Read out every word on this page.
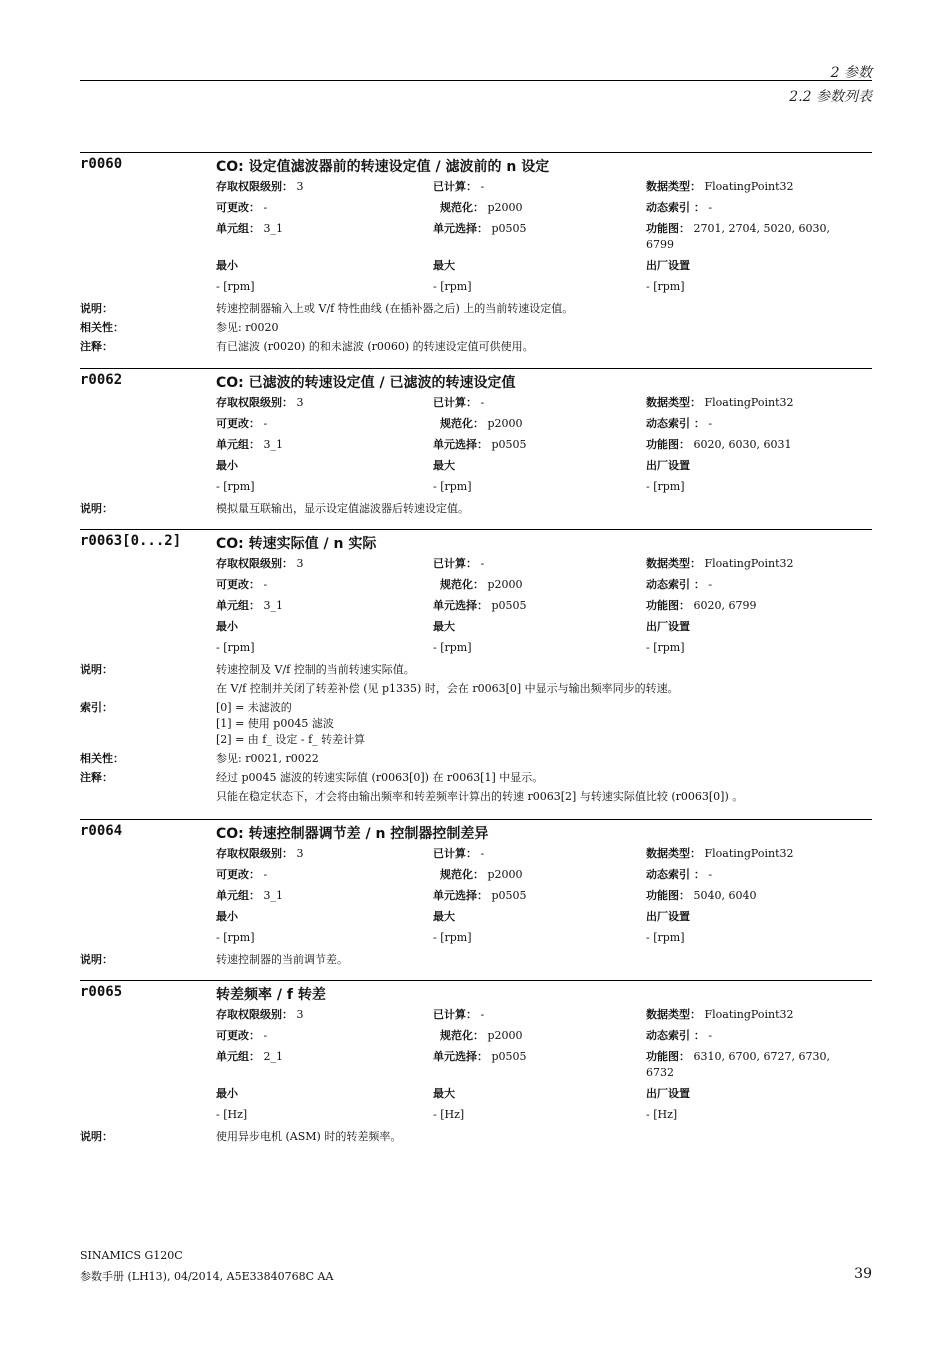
2 参数
2.2 参数列表
r0060	CO: 设定值滤波器前的转速设定值 / 滤波前的 n 设定
存取权限级别： 3	已计算： -	数据类型： FloatingPoint32
可更改： -	规范化： p2000	动态索引 ： -
单元组： 3_1	单元选择： p0505	功能图： 2701, 2704, 5020, 6030, 6799
最小	最大	出厂设置
- [rpm]	- [rpm]	- [rpm]
说明：	转速控制器输入上或 V/f 特性曲线 (在插补器之后) 上的当前转速设定值。
相关性：	参见: r0020
注释：	有已滤波 (r0020) 的和未滤波 (r0060) 的转速设定值可供使用。
r0062	CO: 已滤波的转速设定值 / 已滤波的转速设定值
存取权限级别： 3	已计算： -	数据类型： FloatingPoint32
可更改： -	规范化： p2000	动态索引 ： -
单元组： 3_1	单元选择： p0505	功能图： 6020, 6030, 6031
最小	最大	出厂设置
- [rpm]	- [rpm]	- [rpm]
说明：	模拟量互联输出，显示设定值滤波器后转速设定值。
r0063[0...2] CO: 转速实际值 / n 实际
存取权限级别： 3	已计算： -	数据类型： FloatingPoint32
可更改： -	规范化： p2000	动态索引 ： -
单元组： 3_1	单元选择： p0505	功能图： 6020, 6799
最小	最大	出厂设置
- [rpm]	- [rpm]	- [rpm]
说明：	转速控制及 V/f 控制的当前转速实际值。
在 V/f 控制并关闭了转差补偿 (见 p1335) 时，会在 r0063[0] 中显示与输出频率同步的转速。
索引：	[0] = 未滤波的
[1] = 使用 p0045 滤波
[2] = 由 f_ 设定 - f_ 转差计算
相关性：	参见: r0021, r0022
注释：	经过 p0045 滤波的转速实际值 (r0063[0]) 在 r0063[1] 中显示。
只能在稳定状态下，才会将由输出频率和转差频率计算出的转速 r0063[2] 与转速实际值比较 (r0063[0]) 。
r0064	CO: 转速控制器调节差 / n 控制器控制差异
存取权限级别： 3	已计算： -	数据类型： FloatingPoint32
可更改： -	规范化： p2000	动态索引 ： -
单元组： 3_1	单元选择： p0505	功能图： 5040, 6040
最小	最大	出厂设置
- [rpm]	- [rpm]	- [rpm]
说明：	转速控制器的当前调节差。
r0065	转差频率 / f 转差
存取权限级别： 3	已计算： -	数据类型： FloatingPoint32
可更改： -	规范化： p2000	动态索引 ： -
单元组： 2_1	单元选择： p0505	功能图： 6310, 6700, 6727, 6730, 6732
最小	最大	出厂设置
- [Hz]	- [Hz]	- [Hz]
说明：	使用异步电机 (ASM) 时的转差频率。
SINAMICS G120C
参数手册 (LH13), 04/2014, A5E33840768C AA	39
